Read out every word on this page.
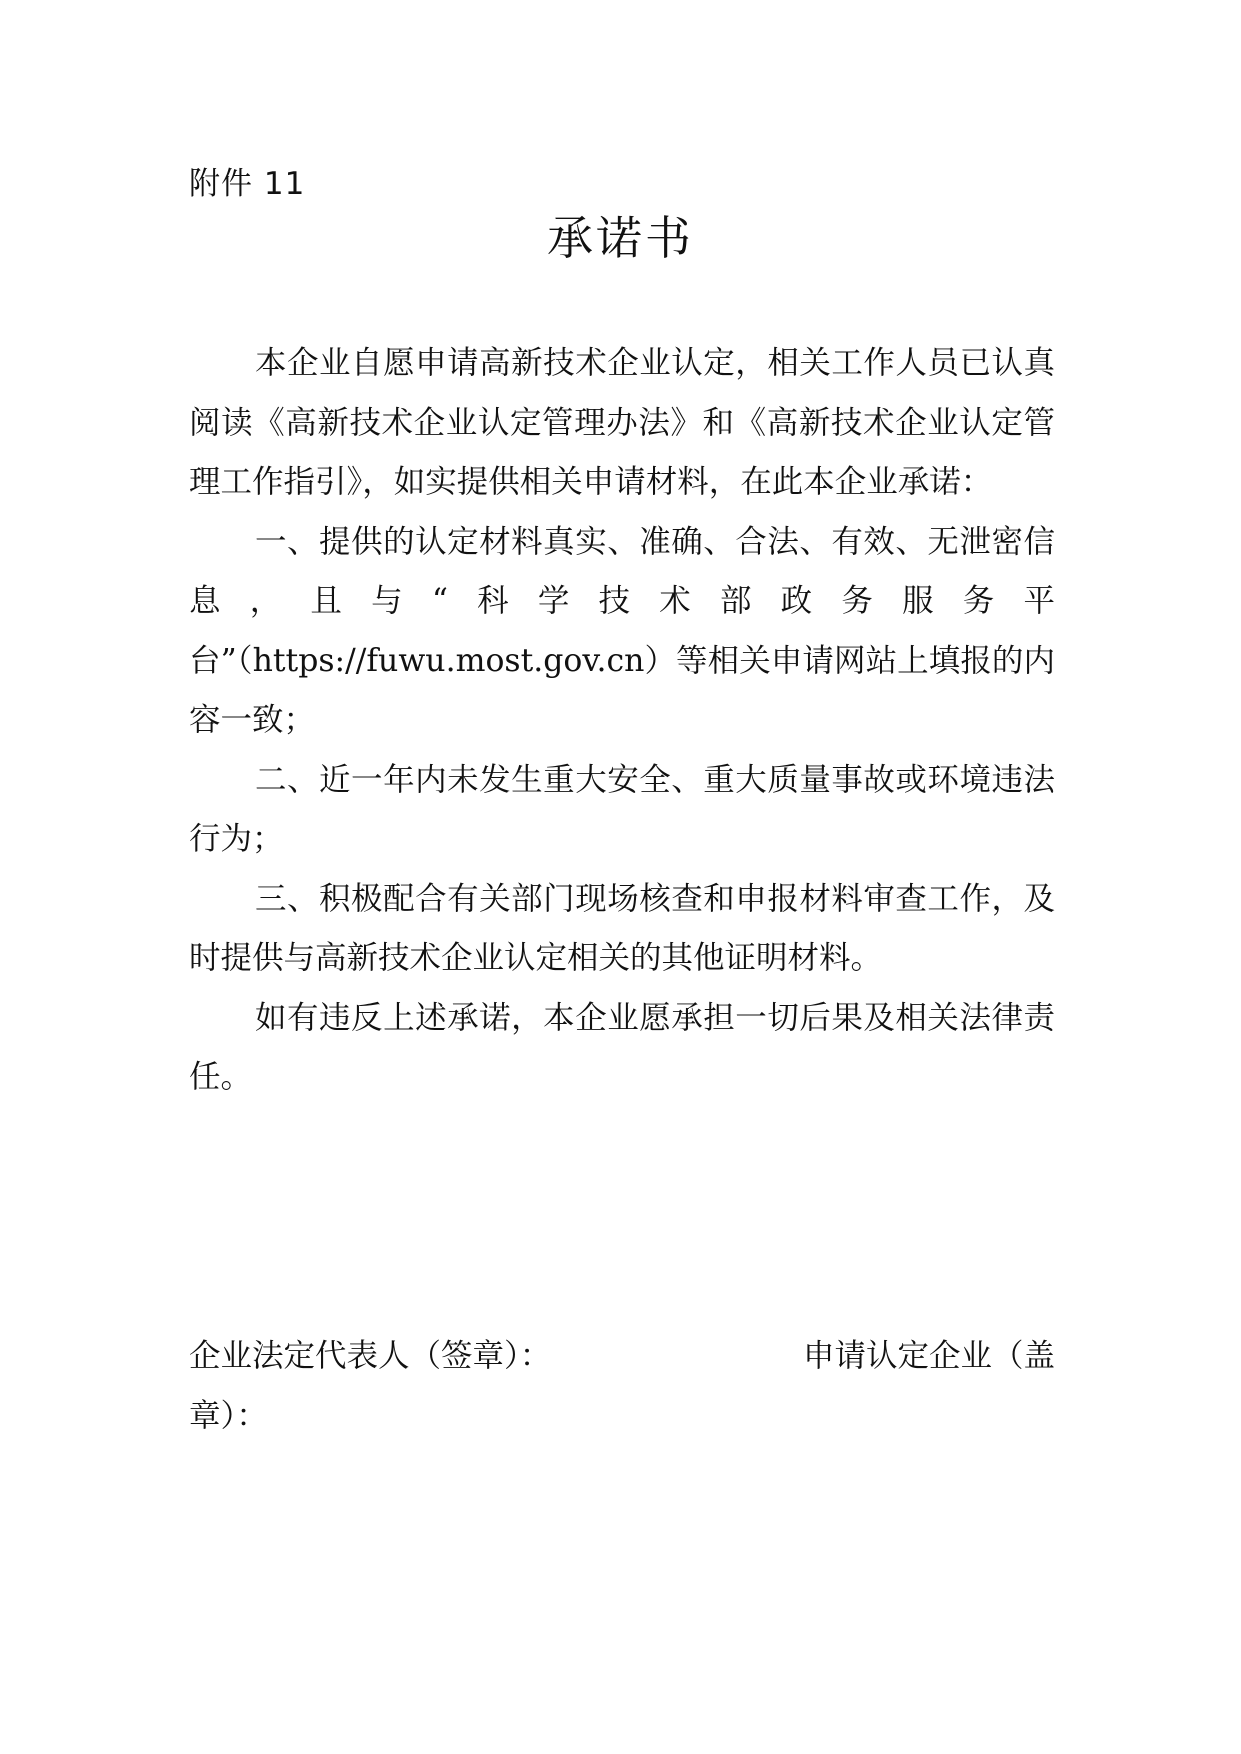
附件 11
承诺书

本企业自愿申请高新技术企业认定，相关工作人员已认真阅读《高新技术企业认定管理办法》和《高新技术企业认定管理工作指引》，如实提供相关申请材料，在此本企业承诺：

一、提供的认定材料真实、准确、合法、有效、无泄密信息，且与“科学技术部政务服务平台”（https://fuwu.most.gov.cn）等相关申请网站上填报的内容一致；

二、近一年内未发生重大安全、重大质量事故或环境违法行为；

三、积极配合有关部门现场核查和申报材料审查工作，及时提供与高新技术企业认定相关的其他证明材料。

如有违反上述承诺，本企业愿承担一切后果及相关法律责任。

企业法定代表人（签章）：	申请认定企业（盖
章）：
